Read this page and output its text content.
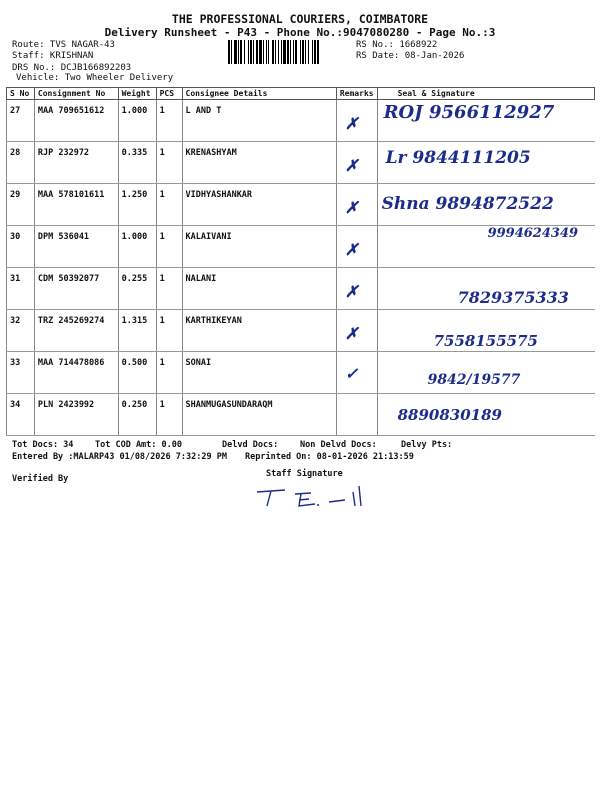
THE PROFESSIONAL COURIERS, COIMBATORE
Delivery Runsheet - P43 - Phone No.:9047080280 - Page No.:3
Route: TVS NAGAR-43
Staff: KRISHNAN
DRS No.: DCJB166892203
Vehicle: Two Wheeler Delivery
RS No.: 1668922
RS Date: 08-Jan-2026
S No	Consignment No	Weight	PCS	Consignee Details	Remarks	Seal & Signature
27	MAA 709651612	1.000	1	L AND T	✗	ROJ 9566112927

28	RJP 232972	0.335	1	KRENASHYAM	✗	Lr 9844111205

29	MAA 578101611	1.250	1	VIDHYASHANKAR	✗	Shna 9894872522

30	DPM 536041	1.000	1	KALAIVANI	✗	9994624349

31	CDM 50392077	0.255	1	NALANI	✗	7829375333

32	TRZ 245269274	1.315	1	KARTHIKEYAN	✗	7558155575

33	MAA 714478086	0.500	1	SONAI	✓	9842/19577

34	PLN 2423992	0.250	1	SHANMUGASUNDARAQM		8890830189
Tot Docs: 34	Tot COD Amt: 0.00	Delvd Docs:	Non Delvd Docs:	Delvy Pts:
Entered By :MALARP43 01/08/2026 7:32:29 PM Reprinted On: 08-01-2026 21:13:59
Verified By	Staff Signature
